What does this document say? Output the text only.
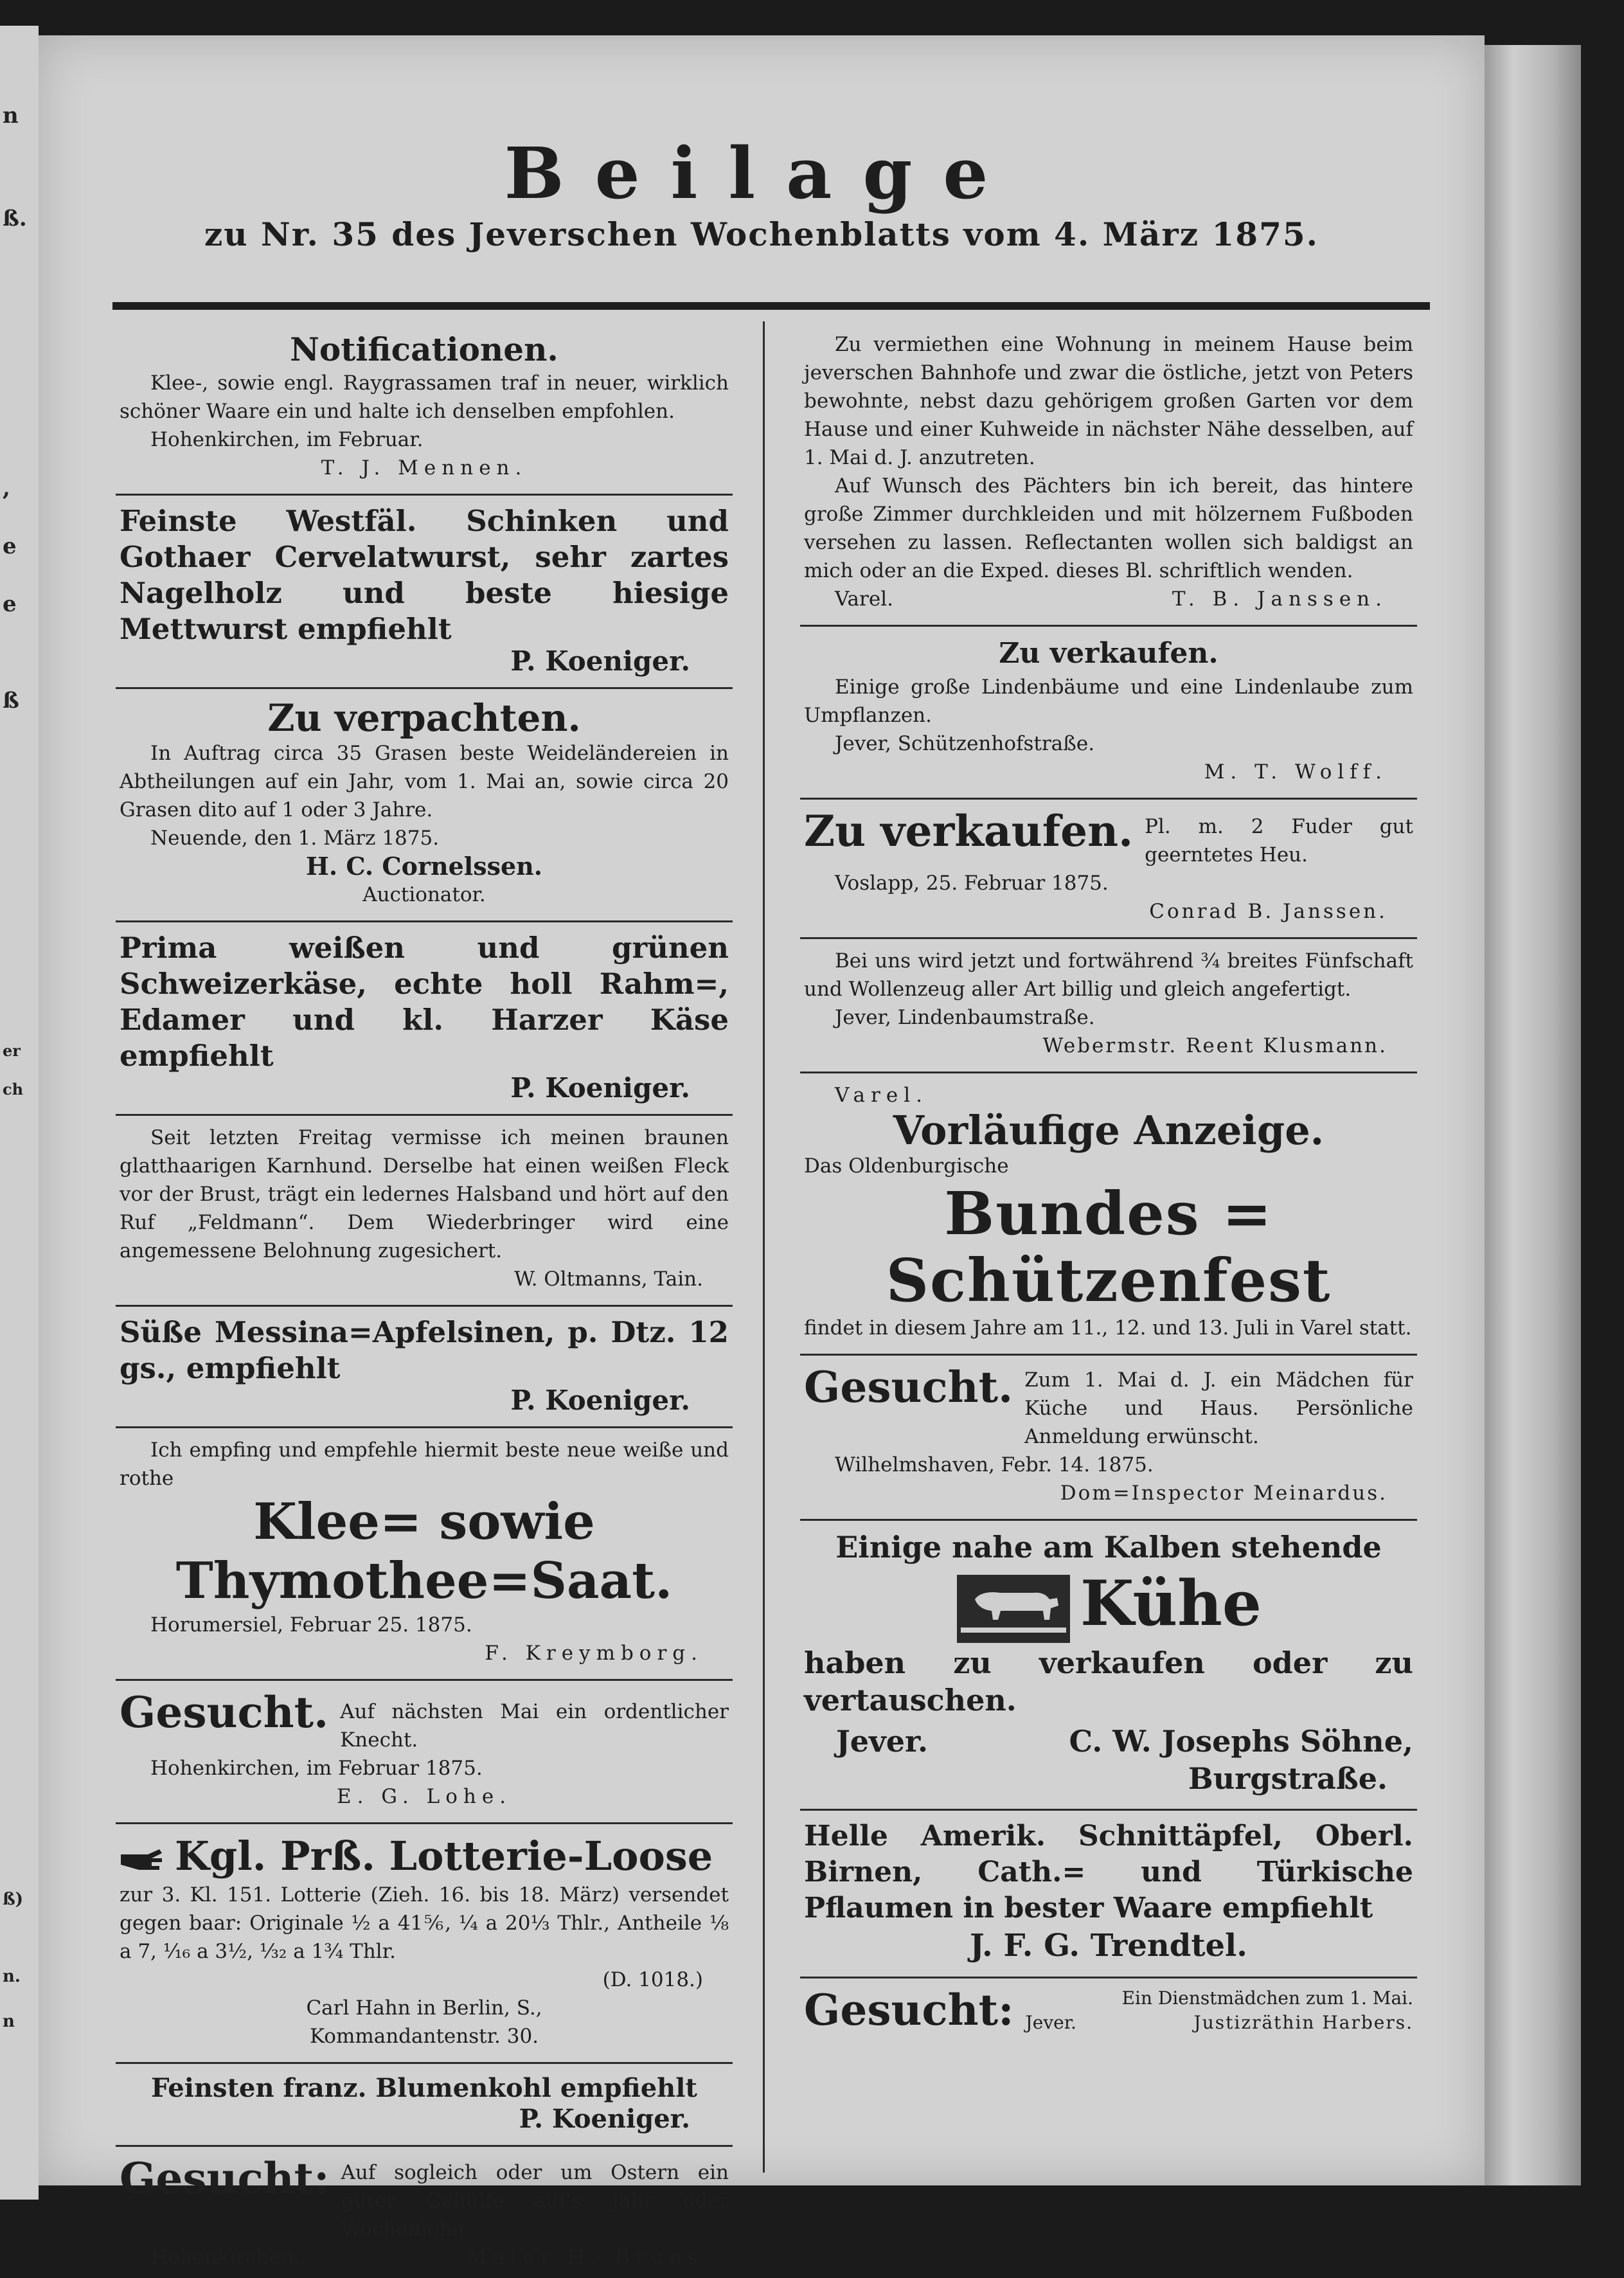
n
ß.
,
e
e
ß
er
ch
ß)
n.
n
Beilage
zu Nr. 35 des Jeverschen Wochenblatts vom 4. März 1875.
Notificationen.
Klee-, sowie engl. Raygrassamen traf in neuer, wirklich schöner Waare ein und halte ich denselben empfohlen.
Hohenkirchen, im Februar.
T. J. Mennen.
Feinste Westfäl. Schinken und Gothaer Cervelatwurst, sehr zartes Nagelholz und beste hiesige Mettwurst empfiehlt
P. Koeniger.
Zu verpachten.
In Auftrag circa 35 Grasen beste Weideländereien in Abtheilungen auf ein Jahr, vom 1. Mai an, sowie circa 20 Grasen dito auf 1 oder 3 Jahre.
Neuende, den 1. März 1875.
H. C. Cornelssen.
Auctionator.
Prima weißen und grünen Schweizerkäse, echte holl Rahm=, Edamer und kl. Harzer Käse empfiehlt
P. Koeniger.
Seit letzten Freitag vermisse ich meinen braunen glatthaarigen Karnhund. Derselbe hat einen weißen Fleck vor der Brust, trägt ein ledernes Halsband und hört auf den Ruf „Feldmann“. Dem Wiederbringer wird eine angemessene Belohnung zugesichert.
W. Oltmanns, Tain.
Süße Messina=Apfelsinen, p. Dtz. 12 gs., empfiehlt
P. Koeniger.
Ich empfing und empfehle hiermit beste neue weiße und rothe
Klee= sowie Thymothee=Saat.
Horumersiel, Februar 25. 1875.
F. Kreymborg.
Gesucht. Auf nächsten Mai ein ordentlicher Knecht.
Hohenkirchen, im Februar 1875.
E. G. Lohe.
Kgl. Prß. Lotterie-Loose
zur 3. Kl. 151. Lotterie (Zieh. 16. bis 18. März) versendet gegen baar: Originale ½ a 41⅚, ¼ a 20⅓ Thlr., Antheile ⅛ a 7, ¹⁄₁₆ a 3½, ¹⁄₃₂ a 1¾ Thlr.
(D. 1018.)
Carl Hahn in Berlin, S.,
Kommandantenstr. 30.
Feinsten franz. Blumenkohl empfiehlt
P. Koeniger.
Gesucht: Auf sogleich oder um Ostern ein guter Gehülfe auf's Jahr oder Wochenlohn.
Hohenkirchen.	Maler H. Bruns.
Zu vermiethen eine Wohnung in meinem Hause beim jeverschen Bahnhofe und zwar die östliche, jetzt von Peters bewohnte, nebst dazu gehörigem großen Garten vor dem Hause und einer Kuhweide in nächster Nähe desselben, auf 1. Mai d. J. anzutreten.
Auf Wunsch des Pächters bin ich bereit, das hintere große Zimmer durchkleiden und mit hölzernem Fußboden versehen zu lassen. Reflectanten wollen sich baldigst an mich oder an die Exped. dieses Bl. schriftlich wenden.
Varel.	T. B. Janssen.
Zu verkaufen.
Einige große Lindenbäume und eine Lindenlaube zum Umpflanzen.
Jever, Schützenhofstraße.
M. T. Wolff.
Zu verkaufen. Pl. m. 2 Fuder gut geerntetes Heu.
Voslapp, 25. Februar 1875.
Conrad B. Janssen.
Bei uns wird jetzt und fortwährend ¾ breites Fünfschaft und Wollenzeug aller Art billig und gleich angefertigt.
Jever, Lindenbaumstraße.
Webermstr. Reent Klusmann.
Varel.
Vorläufige Anzeige.
Das Oldenburgische
Bundes = Schützenfest
findet in diesem Jahre am 11., 12. und 13. Juli in Varel statt.
Gesucht. Zum 1. Mai d. J. ein Mädchen für Küche und Haus. Persönliche Anmeldung erwünscht.
Wilhelmshaven, Febr. 14. 1875.
Dom=Inspector Meinardus.
Einige nahe am Kalben stehende
Kühe
haben zu verkaufen oder zu vertauschen.
Jever.	C. W. Josephs Söhne,
Burgstraße.
Helle Amerik. Schnittäpfel, Oberl. Birnen, Cath.= und Türkische Pflaumen in bester Waare empfiehlt
J. F. G. Trendtel.
Gesucht:	Ein Dienstmädchen zum 1. Mai.
Jever.	Justizräthin Harbers.
